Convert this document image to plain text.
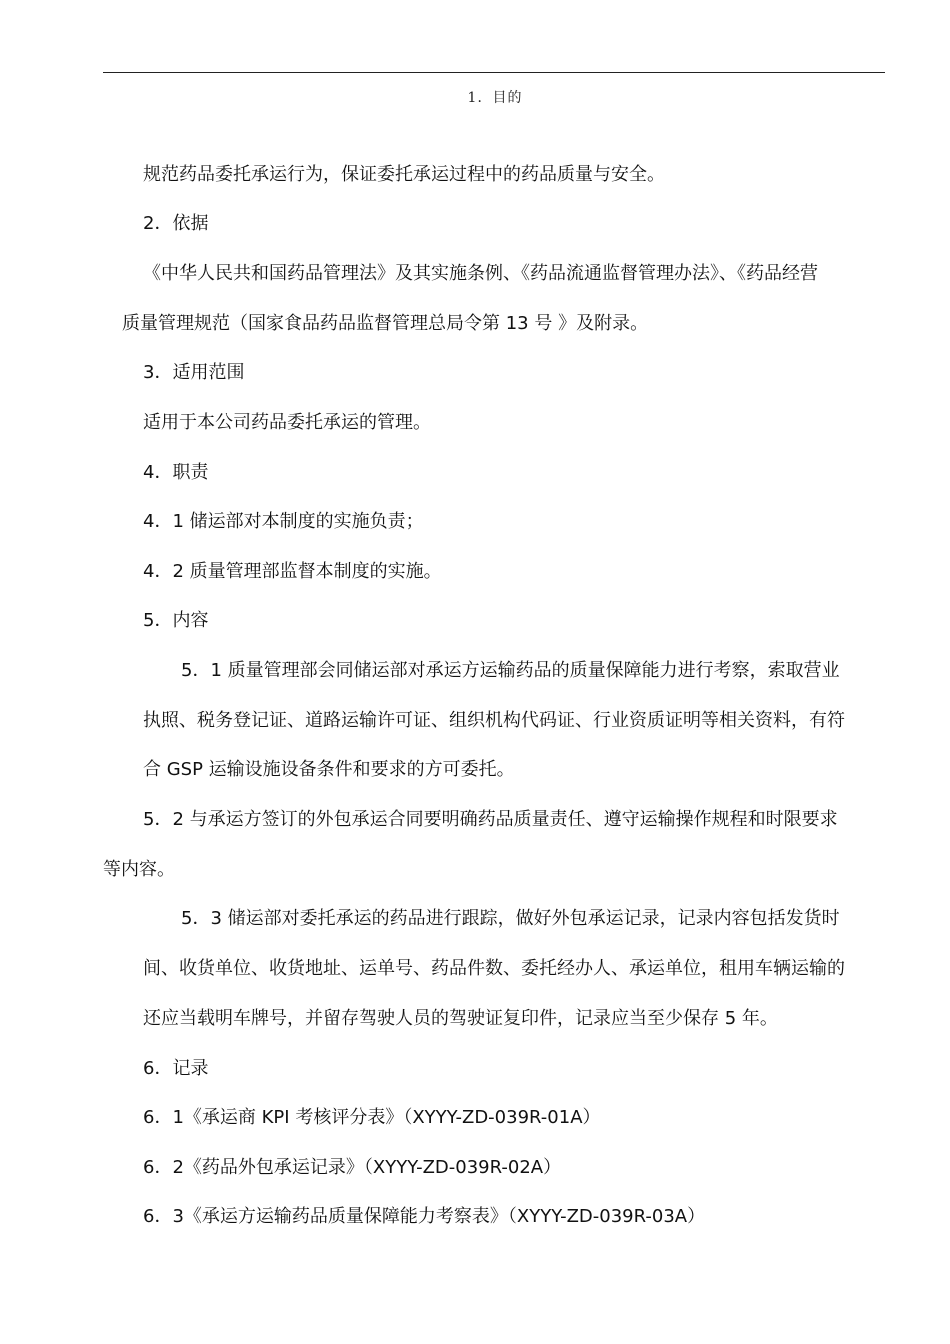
1．目的
规范药品委托承运行为，保证委托承运过程中的药品质量与安全。
2．依据
《中华人民共和国药品管理法》及其实施条例、《药品流通监督管理办法》、《药品经营
质量管理规范（国家食品药品监督管理总局令第 13 号 》及附录。
3．适用范围
适用于本公司药品委托承运的管理。
4．职责
4．1 储运部对本制度的实施负责；
4．2 质量管理部监督本制度的实施。
5．内容
5．1 质量管理部会同储运部对承运方运输药品的质量保障能力进行考察，索取营业
执照、税务登记证、道路运输许可证、组织机构代码证、行业资质证明等相关资料，有符
合 GSP 运输设施设备条件和要求的方可委托。
5．2 与承运方签订的外包承运合同要明确药品质量责任、遵守运输操作规程和时限要求
等内容。
5．3 储运部对委托承运的药品进行跟踪，做好外包承运记录，记录内容包括发货时
间、收货单位、收货地址、运单号、药品件数、委托经办人、承运单位，租用车辆运输的
还应当载明车牌号，并留存驾驶人员的驾驶证复印件，记录应当至少保存 5 年。
6．记录
6．1《承运商 KPI 考核评分表》（XYYY-ZD-039R-01A）
6．2《药品外包承运记录》（XYYY-ZD-039R-02A）
6．3《承运方运输药品质量保障能力考察表》（XYYY-ZD-039R-03A）
